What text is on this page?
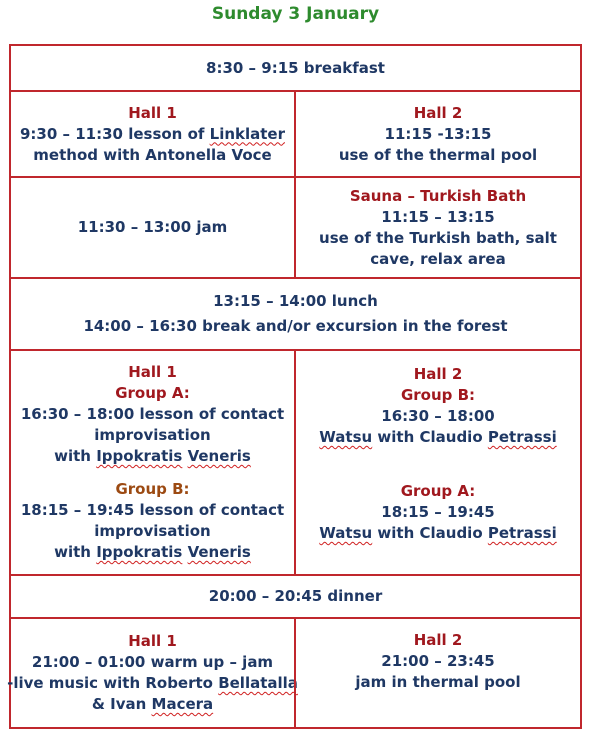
Sunday 3 January
8:30 – 9:15 breakfast
Hall 1
9:30 – 11:30 lesson of Linklater
method with Antonella Voce
Hall 2
11:15 -13:15
use of the thermal pool
11:30 – 13:00 jam
Sauna – Turkish Bath
11:15 – 13:15
use of the Turkish bath, salt
cave, relax area
13:15 – 14:00 lunch
14:00 – 16:30 break and/or excursion in the forest
Hall 1
Group A:
16:30 – 18:00 lesson of contact
improvisation
with Ippokratis Veneris
Group B:
18:15 – 19:45 lesson of contact
improvisation
with Ippokratis Veneris
Hall 2
Group B:
16:30 – 18:00
Watsu with Claudio Petrassi
Group A:
18:15 – 19:45
Watsu with Claudio Petrassi
20:00 – 20:45 dinner
Hall 1
21:00 – 01:00 warm up – jam
-live music with Roberto Bellatalla
& Ivan Macera
Hall 2
21:00 – 23:45
jam in thermal pool
